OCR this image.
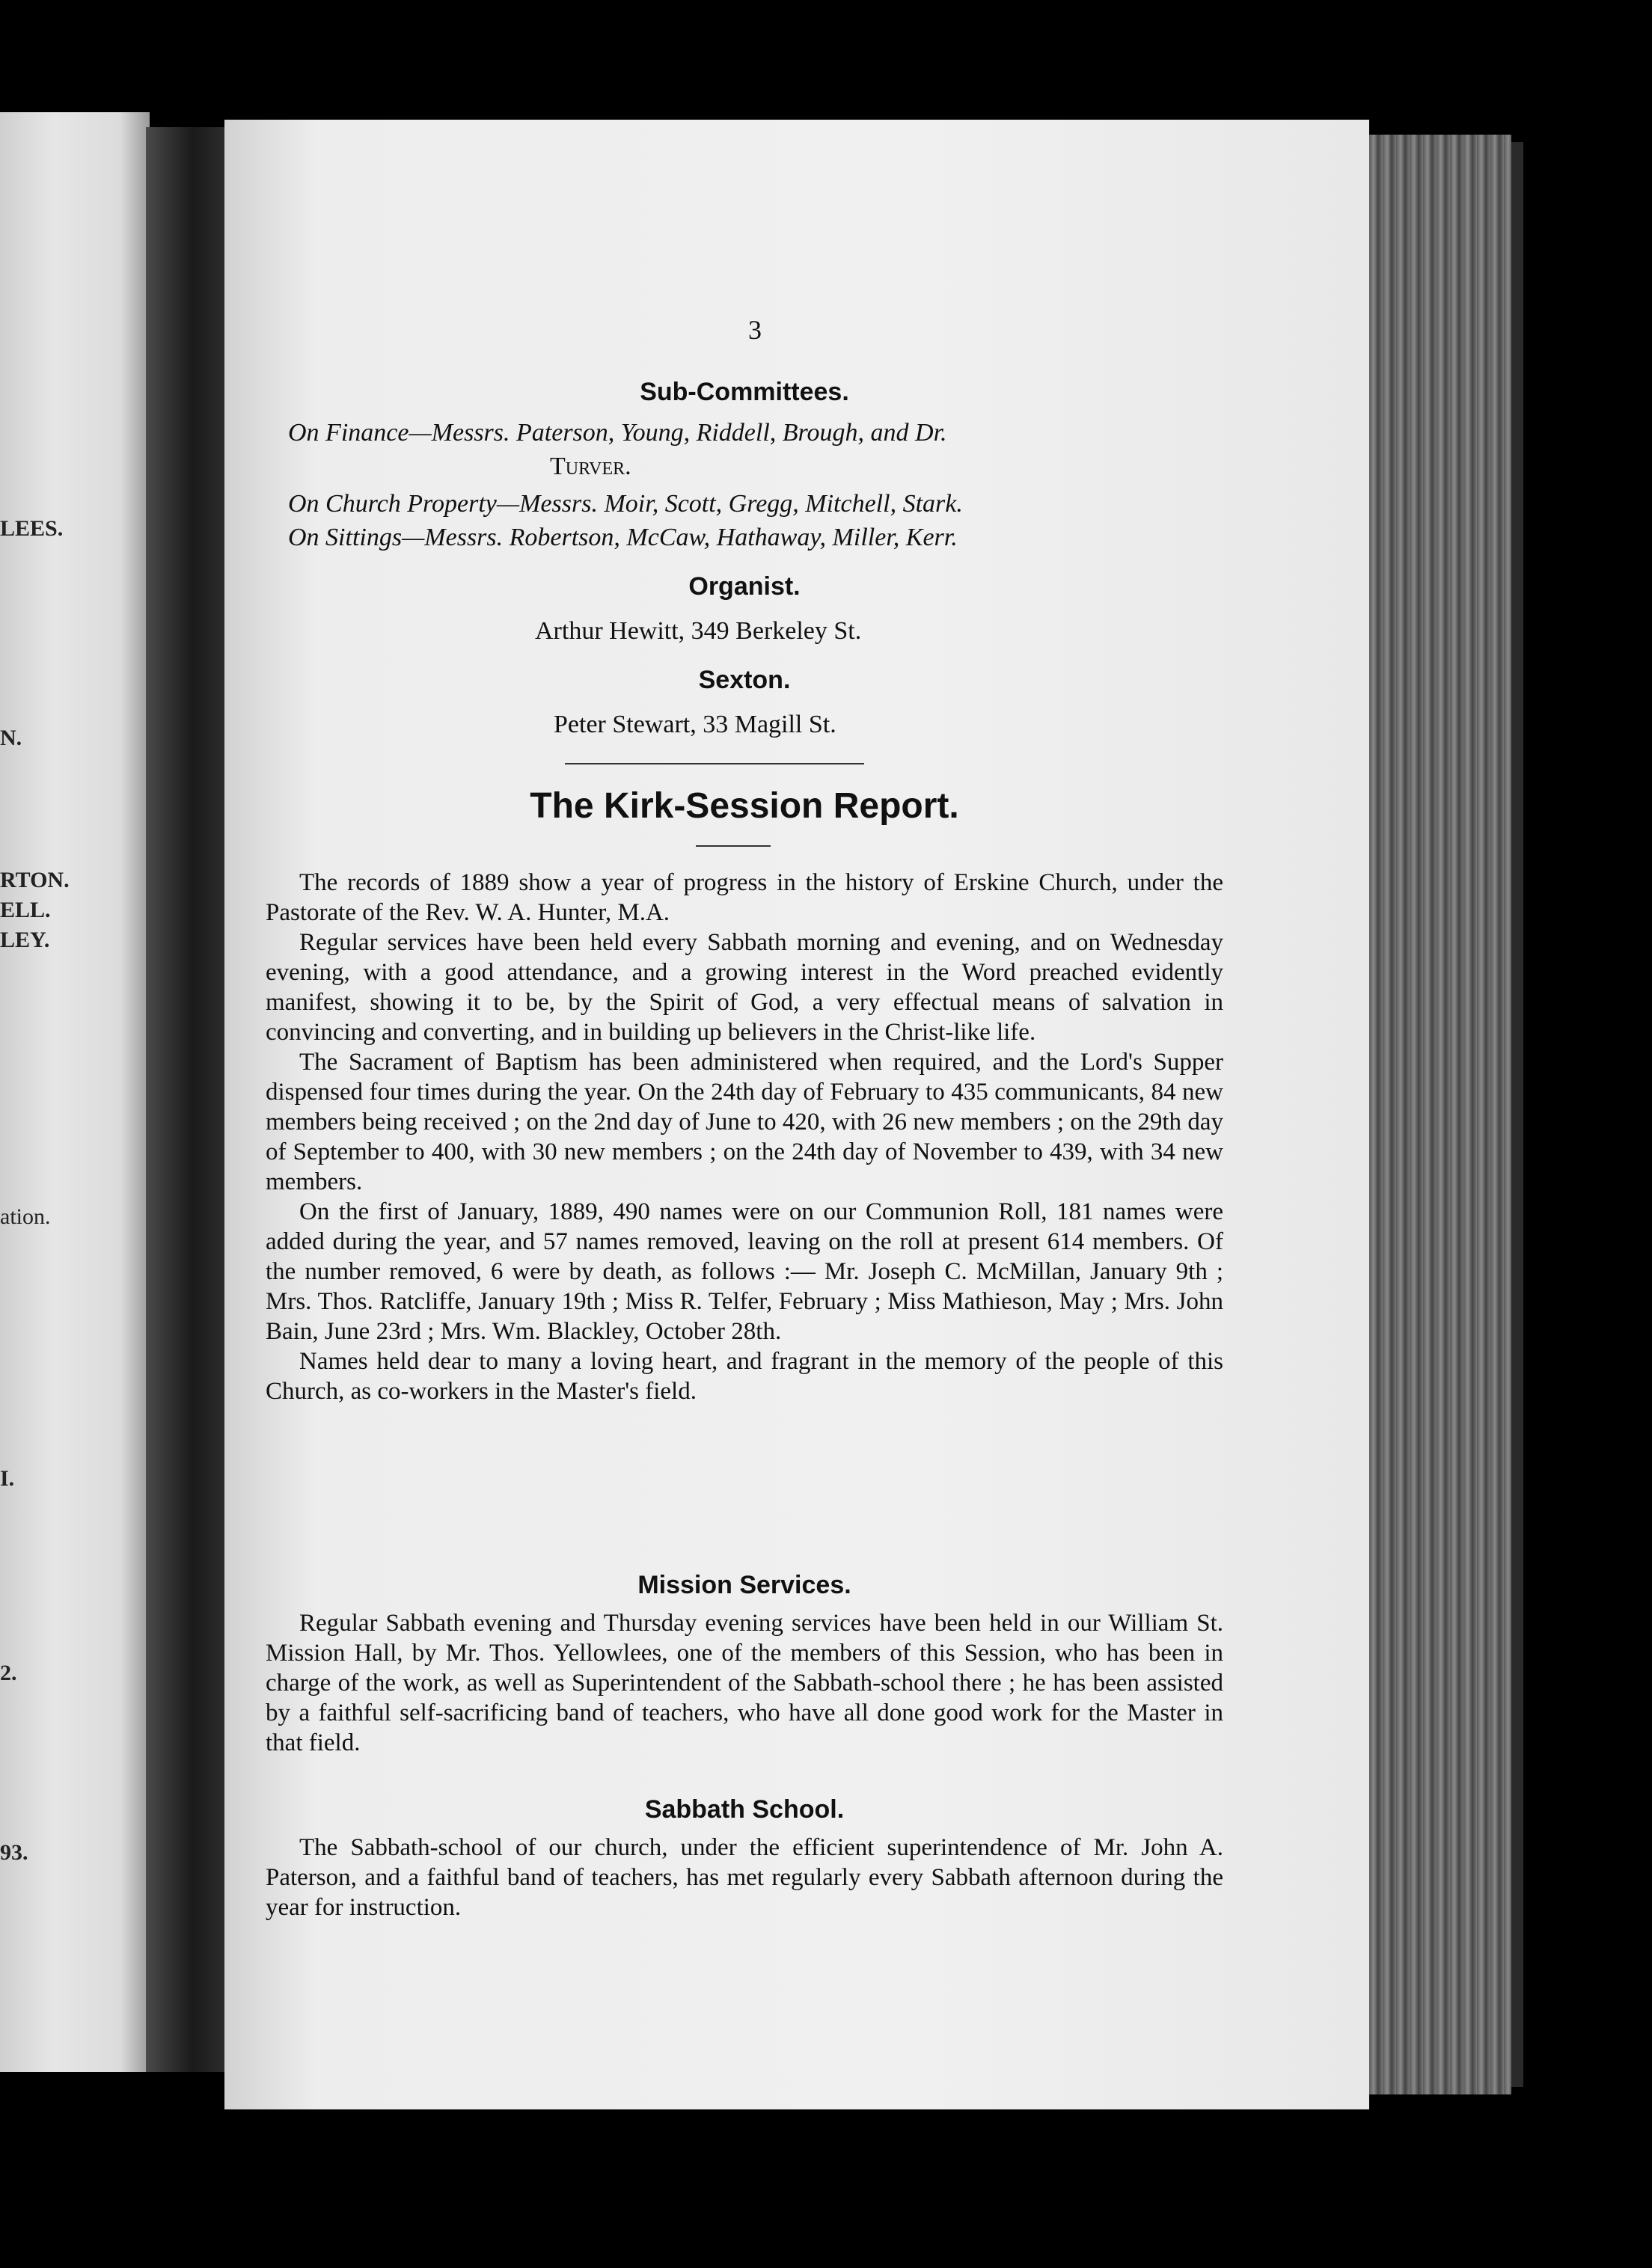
LEES.
N.
RTON.
ELL.
LEY.
ation.
I.
2.
93.
3
Sub-Committees.
On Finance—Messrs. Paterson, Young, Riddell, Brough, and Dr.
Turver.
On Church Property—Messrs. Moir, Scott, Gregg, Mitchell, Stark.
On Sittings—Messrs. Robertson, McCaw, Hathaway, Miller, Kerr.
Organist.
Arthur Hewitt, 349 Berkeley St.
Sexton.
Peter Stewart, 33 Magill St.
The Kirk-Session Report.

The records of 1889 show a year of progress in the history of Erskine Church, under the Pastorate of the Rev. W. A. Hunter, M.A.

Regular services have been held every Sabbath morning and evening, and on Wednesday evening, with a good attendance, and a growing interest in the Word preached evidently manifest, showing it to be, by the Spirit of God, a very effectual means of salvation in convincing and converting, and in building up believers in the Christ-like life.

The Sacrament of Baptism has been administered when required, and the Lord's Supper dispensed four times during the year. On the 24th day of February to 435 communicants, 84 new members being received ; on the 2nd day of June to 420, with 26 new members ; on the 29th day of September to 400, with 30 new members ; on the 24th day of November to 439, with 34 new members.

On the first of January, 1889, 490 names were on our Communion Roll, 181 names were added during the year, and 57 names removed, leaving on the roll at present 614 members. Of the number removed, 6 were by death, as follows :— Mr. Joseph C. McMillan, January 9th ; Mrs. Thos. Ratcliffe, January 19th ; Miss R. Telfer, February ; Miss Mathieson, May ; Mrs. John Bain, June 23rd ; Mrs. Wm. Blackley, October 28th.

Names held dear to many a loving heart, and fragrant in the memory of the people of this Church, as co-workers in the Master's field.

Mission Services.

Regular Sabbath evening and Thursday evening services have been held in our William St. Mission Hall, by Mr. Thos. Yellowlees, one of the members of this Session, who has been in charge of the work, as well as Superintendent of the Sabbath-school there ; he has been assisted by a faithful self-sacrificing band of teachers, who have all done good work for the Master in that field.

Sabbath School.

The Sabbath-school of our church, under the efficient superintendence of Mr. John A. Paterson, and a faithful band of teachers, has met regularly every Sabbath afternoon during the year for instruction.
